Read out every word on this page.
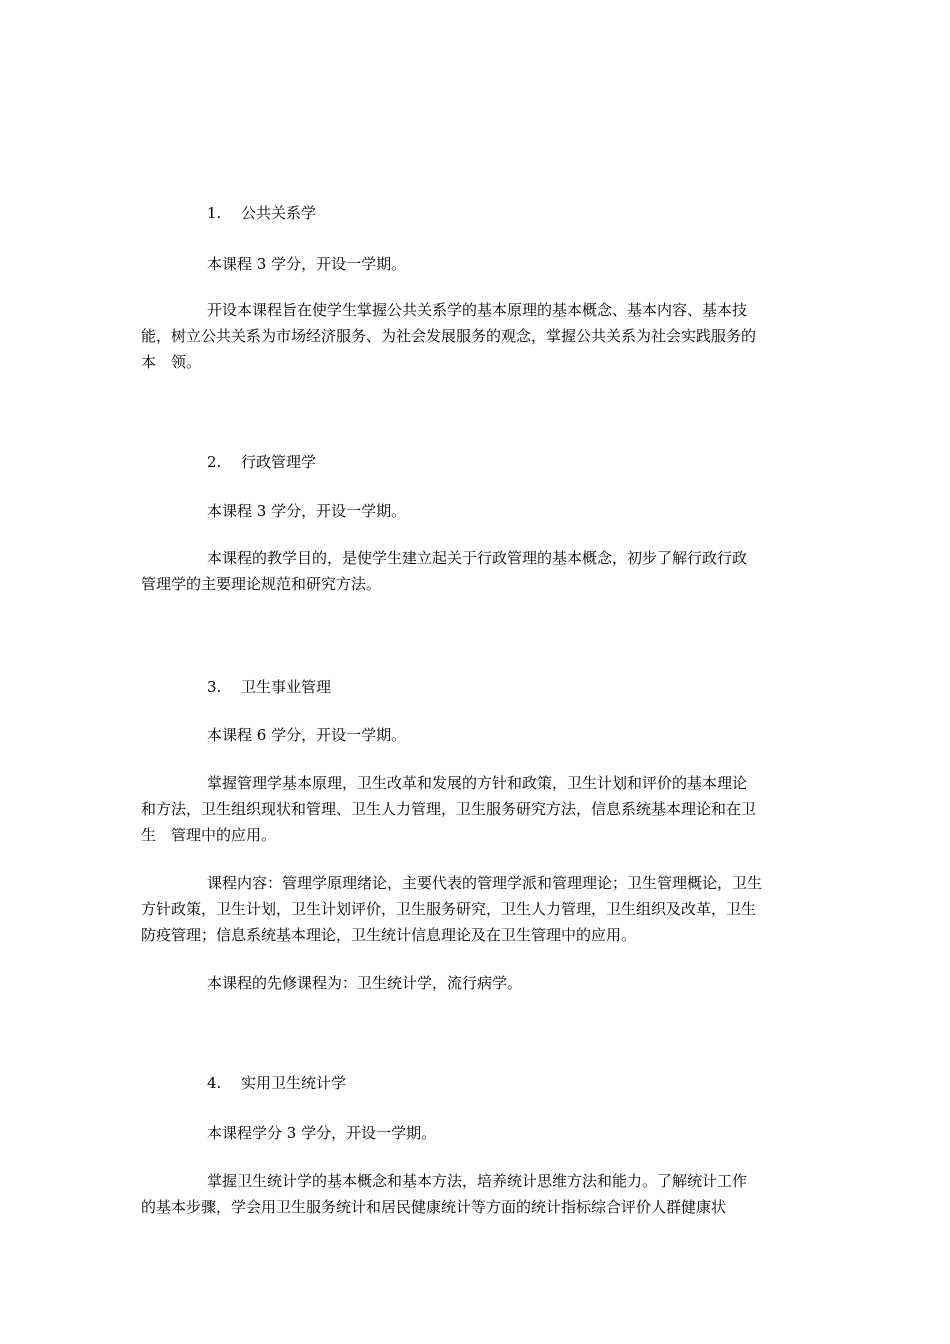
1. 公共关系学
本课程 3 学分，开设一学期。
开设本课程旨在使学生掌握公共关系学的基本原理的基本概念、基本内容、基本技
能，树立公共关系为市场经济服务、为社会发展服务的观念，掌握公共关系为社会实践服务的
本　领。
2. 行政管理学
本课程 3 学分，开设一学期。
本课程的教学目的，是使学生建立起关于行政管理的基本概念，初步了解行政行政
管理学的主要理论规范和研究方法。
3. 卫生事业管理
本课程 6 学分，开设一学期。
掌握管理学基本原理，卫生改革和发展的方针和政策，卫生计划和评价的基本理论
和方法，卫生组织现状和管理、卫生人力管理，卫生服务研究方法，信息系统基本理论和在卫
生　管理中的应用。
课程内容：管理学原理绪论，主要代表的管理学派和管理理论；卫生管理概论，卫生
方针政策，卫生计划，卫生计划评价，卫生服务研究，卫生人力管理，卫生组织及改革，卫生
防疫管理；信息系统基本理论，卫生统计信息理论及在卫生管理中的应用。
本课程的先修课程为：卫生统计学，流行病学。
4. 实用卫生统计学
本课程学分 3 学分，开设一学期。
掌握卫生统计学的基本概念和基本方法，培养统计思维方法和能力。了解统计工作
的基本步骤，学会用卫生服务统计和居民健康统计等方面的统计指标综合评价人群健康状
